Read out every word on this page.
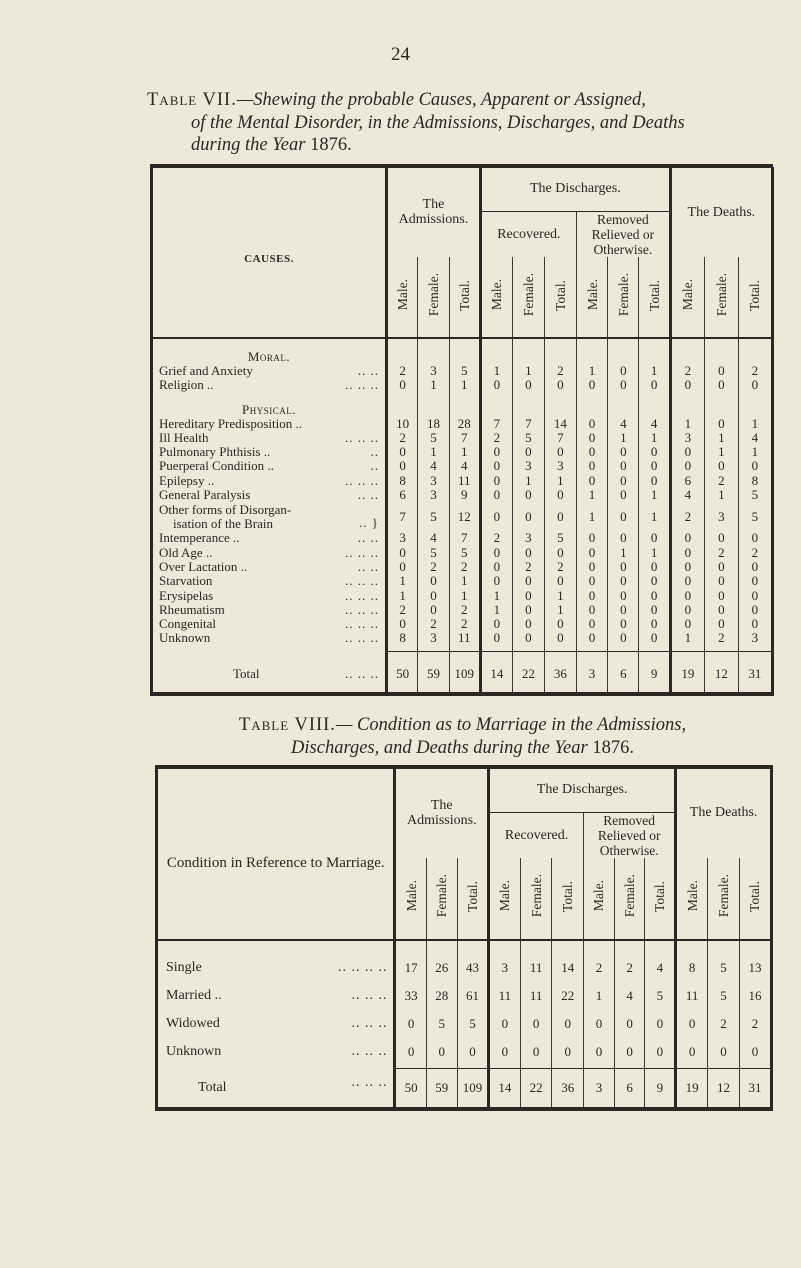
24
Table VII.—Shewing the probable Causes, Apparent or Assigned,
of the Mental Disorder, in the Admissions, Discharges, and Deaths
during the Year 1876.
CAUSES.	The Admissions.			The Discharges.						The Deaths.		
				Recovered.			Removed Relieved or Otherwise.					
	Male.	Female.	Total.	Male.	Female.	Total.	Male.	Female.	Total.	Male.	Female.	Total.
Moral.												
Grief and Anxiety .. ..	2	3	5	1	1	2	1	0	1	2	0	2
Religion .. .. .. ..	0	1	1	0	0	0	0	0	0	0	0	0
Physical.												
Hereditary Predisposition ..	10	18	28	7	7	14	0	4	4	1	0	1
Ill Health .. .. ..	2	5	7	2	5	7	0	1	1	3	1	4
Pulmonary Phthisis .. ..	0	1	1	0	0	0	0	0	0	0	1	1
Puerperal Condition .. ..	0	4	4	0	3	3	0	0	0	0	0	0
Epilepsy .. .. .. ..	8	3	11	0	1	1	0	0	0	6	2	8
General Paralysis .. ..	6	3	9	0	0	0	1	0	1	4	1	5

Other forms of Disorgan-
isation of the Brain .. }	7	5	12	0	0	0	1	0	1	2	3	5
Intemperance .. .. ..	3	4	7	2	3	5	0	0	0	0	0	0
Old Age .. .. .. ..	0	5	5	0	0	0	0	1	1	0	2	2
Over Lactation .. .. ..	0	2	2	0	2	2	0	0	0	0	0	0
Starvation .. .. ..	1	0	1	0	0	0	0	0	0	0	0	0
Erysipelas .. .. ..	1	0	1	1	0	1	0	0	0	0	0	0
Rheumatism .. .. ..	2	0	2	1	0	1	0	0	0	0	0	0
Congenital .. .. ..	0	2	2	0	0	0	0	0	0	0	0	0
Unknown .. .. ..	8	3	11	0	0	0	0	0	0	1	2	3

Total .. .. ..	50	59	109	14	22	36	3	6	9	19	12	31
Table VIII.— Condition as to Marriage in the Admissions,
Discharges, and Deaths during the Year 1876.
Condition in Reference to Marriage.	The Admissions.			The Discharges.						The Deaths.		
				Recovered.			Removed Relieved or Otherwise.					
	Male.	Female.	Total.	Male.	Female.	Total.	Male.	Female.	Total.	Male.	Female.	Total.

Single .. .. .. ..	17	26	43	3	11	14	2	2	4	8	5	13
Married .. .. .. ..	33	28	61	11	11	22	1	4	5	11	5	16
Widowed .. .. ..	0	5	5	0	0	0	0	0	0	0	2	2
Unknown .. .. ..	0	0	0	0	0	0	0	0	0	0	0	0

Total .. .. ..	50	59	109	14	22	36	3	6	9	19	12	31
